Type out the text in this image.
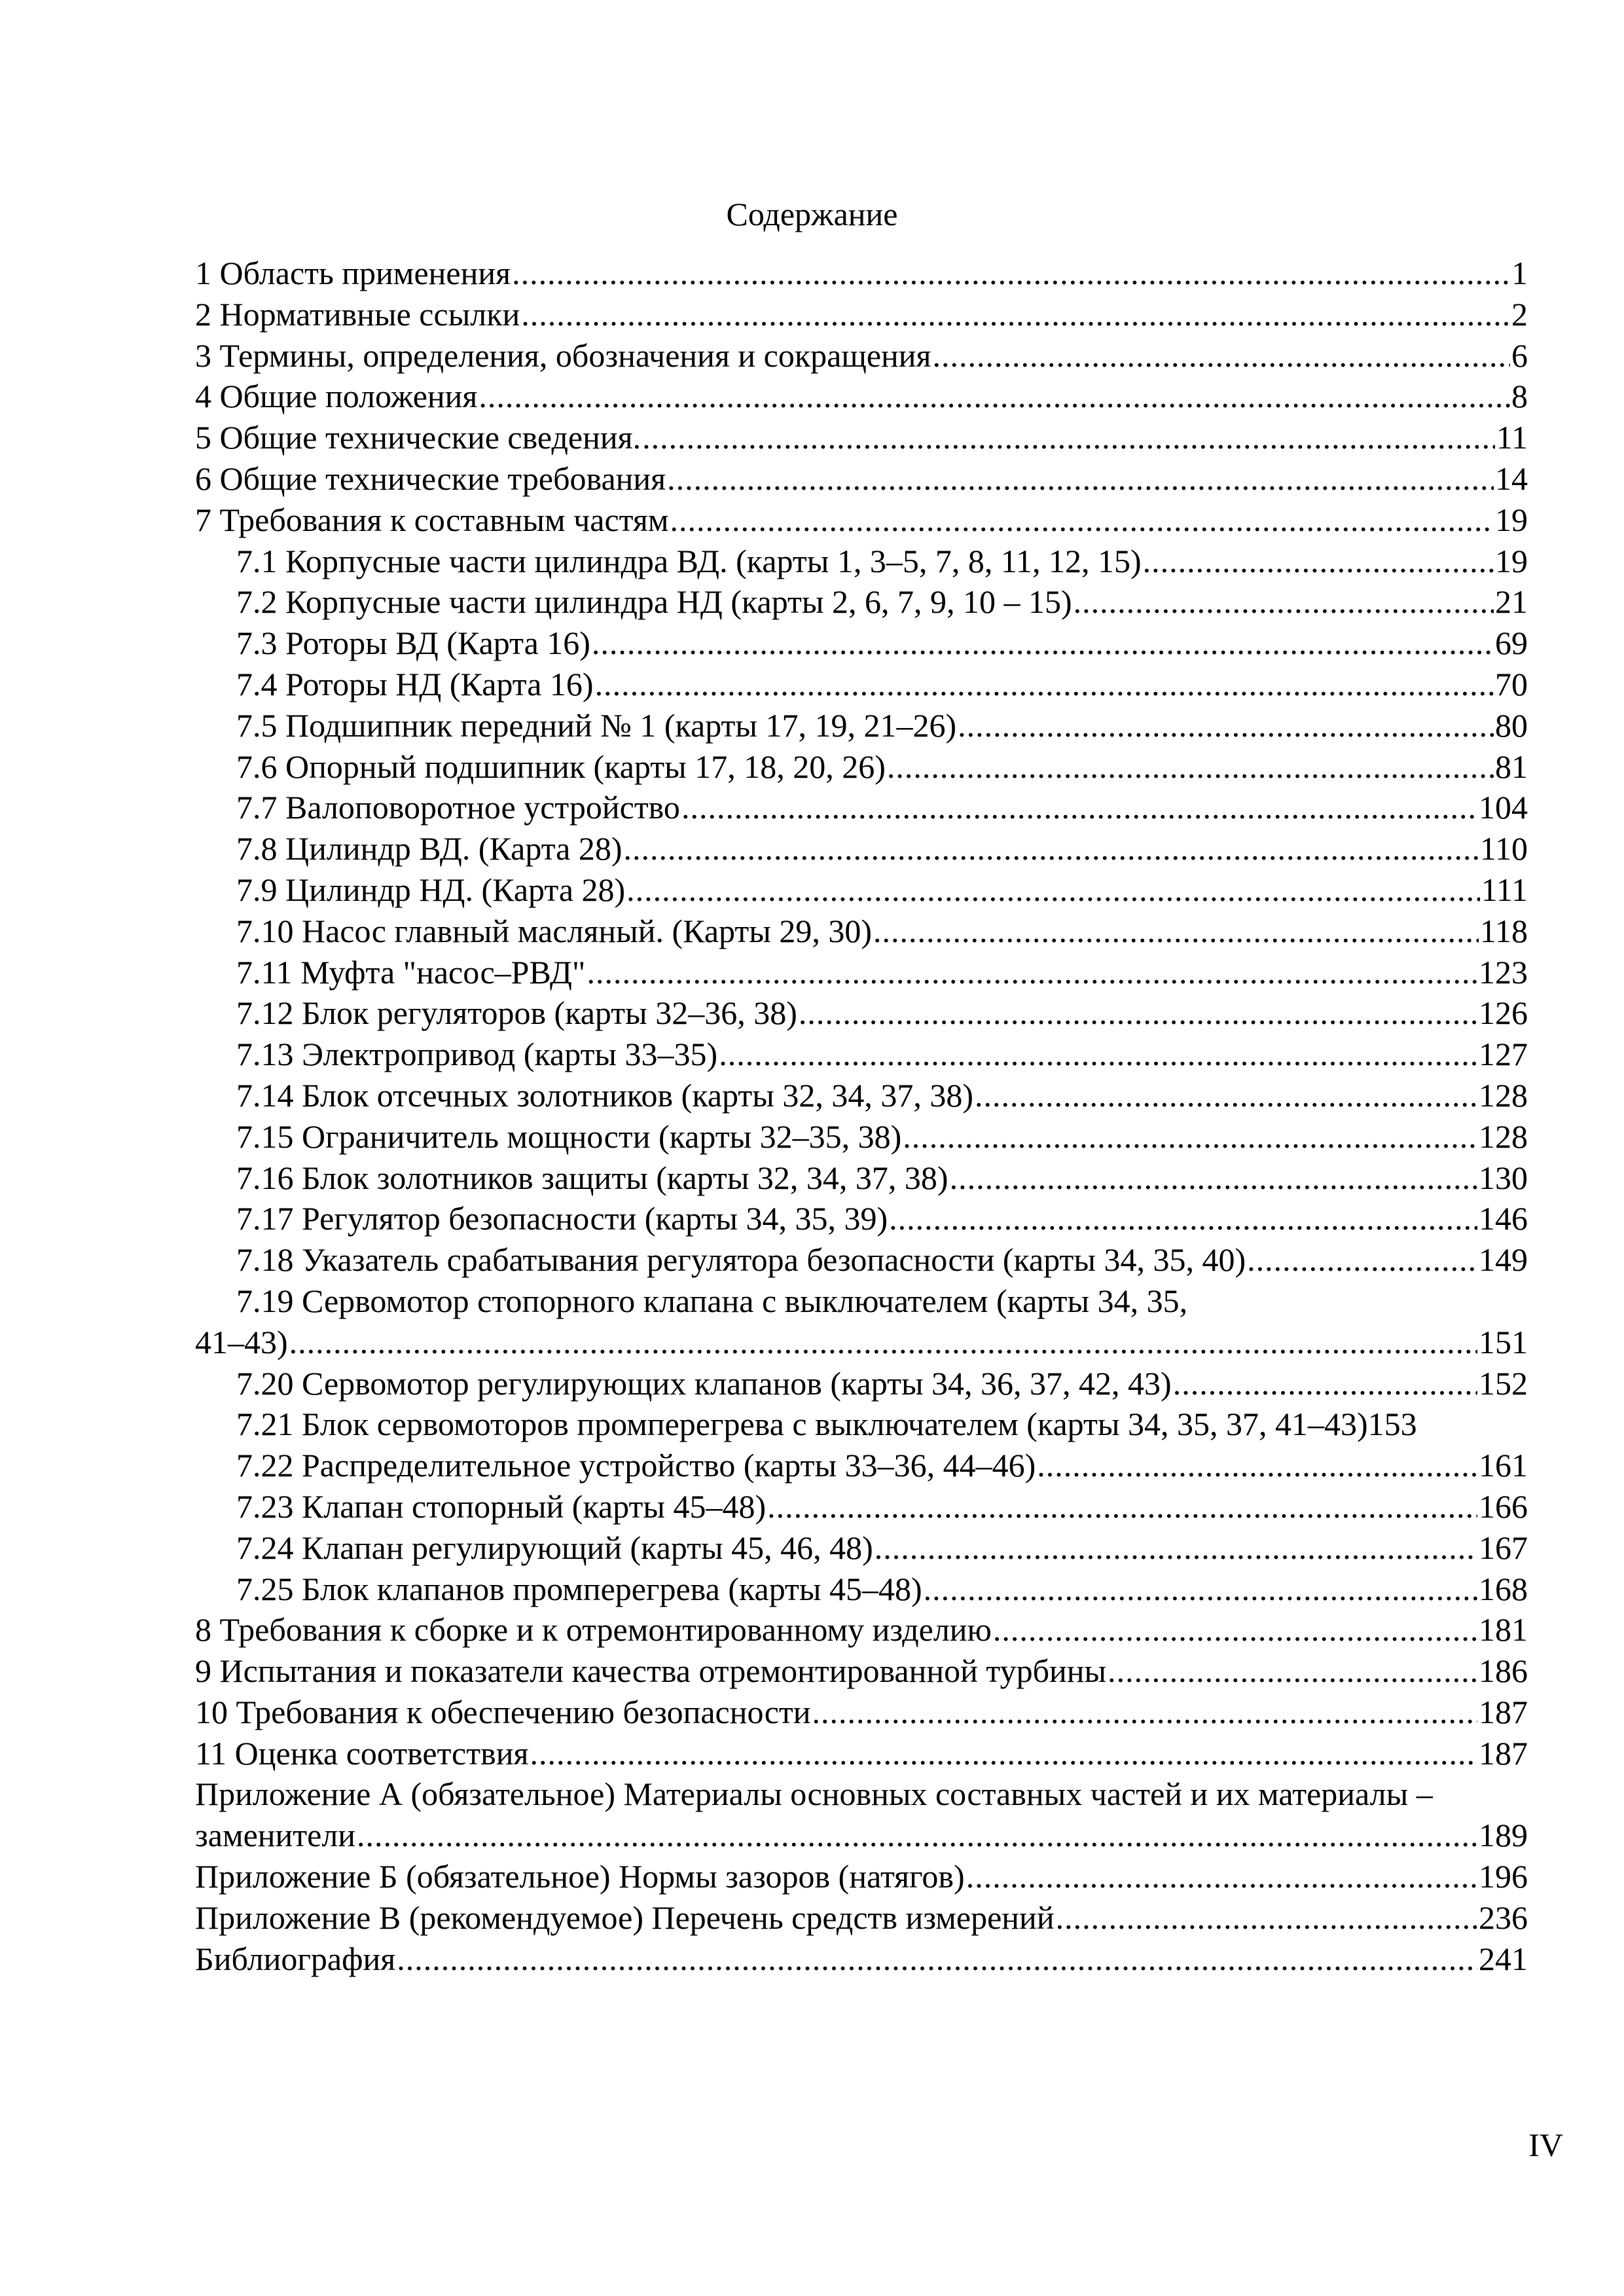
Содержание
1 Область применения .....	1
2 Нормативные ссылки .....	2
3 Термины, определения, обозначения и сокращения .....	6
4 Общие положения .....	8
5 Общие технические сведения. .....	11
6 Общие технические требования .....	14
7 Требования к составным частям .....	19
7.1 Корпусные части цилиндра ВД. (карты 1, 3–5, 7, 8, 11, 12, 15) .....	19
7.2 Корпусные части цилиндра НД (карты 2, 6, 7, 9, 10 – 15) .....	21
7.3 Роторы ВД (Карта 16) .....	69
7.4 Роторы НД (Карта 16) .....	70
7.5 Подшипник передний № 1 (карты 17, 19, 21–26) .....	80
7.6 Опорный подшипник (карты 17, 18, 20, 26) .....	81
7.7 Валоповоротное устройство .....	104
7.8 Цилиндр ВД. (Карта 28) .....	110
7.9 Цилиндр НД. (Карта 28) .....	111
7.10 Насос главный масляный. (Карты 29, 30) .....	118
7.11 Муфта "насос–РВД" .....	123
7.12 Блок регуляторов (карты 32–36, 38) .....	126
7.13 Электропривод (карты 33–35) .....	127
7.14 Блок отсечных золотников (карты 32, 34, 37, 38) .....	128
7.15 Ограничитель мощности (карты 32–35, 38) .....	128
7.16 Блок золотников защиты (карты 32, 34, 37, 38) .....	130
7.17 Регулятор безопасности (карты 34, 35, 39) .....	146
7.18 Указатель срабатывания регулятора безопасности (карты 34, 35, 40) .....	149
7.19 Сервомотор стопорного клапана с выключателем (карты 34, 35,
41–43) .....	151
7.20 Сервомотор регулирующих клапанов (карты 34, 36, 37, 42, 43) .....	152
7.21 Блок сервомоторов промперегрева с выключателем (карты 34, 35, 37, 41–43) 153
7.22 Распределительное устройство (карты 33–36, 44–46) .....	161
7.23 Клапан стопорный (карты 45–48) .....	166
7.24 Клапан регулирующий (карты 45, 46, 48) .....	167
7.25 Блок клапанов промперегрева (карты 45–48) .....	168
8 Требования к сборке и к отремонтированному изделию .....	181
9 Испытания и показатели качества отремонтированной турбины .....	186
10 Требования к обеспечению безопасности .....	187
11 Оценка соответствия .....	187
Приложение А (обязательное) Материалы основных составных частей и их материалы –
заменители .....	189
Приложение Б (обязательное) Нормы зазоров (натягов) .....	196
Приложение В (рекомендуемое) Перечень средств измерений .....	236
Библиография .....	241
IV
